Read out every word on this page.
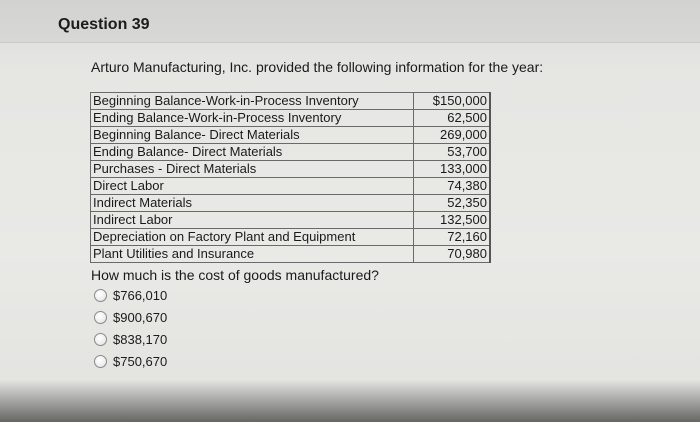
Question 39
Arturo Manufacturing, Inc. provided the following information for the year:
Beginning Balance-Work-in-Process Inventory	$150,000
Ending Balance-Work-in-Process Inventory	62,500
Beginning Balance- Direct Materials	269,000
Ending Balance- Direct Materials	53,700
Purchases - Direct Materials	133,000
Direct Labor	74,380
Indirect Materials	52,350
Indirect Labor	132,500
Depreciation on Factory Plant and Equipment	72,160
Plant Utilities and Insurance	70,980
How much is the cost of goods manufactured?
$766,010
$900,670
$838,170
$750,670
